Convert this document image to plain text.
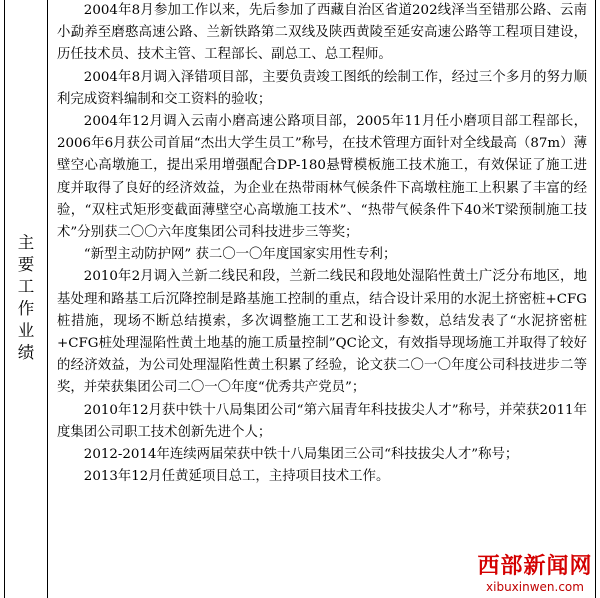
主
要
工
作
业
绩

2004年8月参加工作以来，先后参加了西藏自治区省道202线泽当至错那公路、云南小勐养至磨憨高速公路、兰新铁路第二双线及陕西黄陵至延安高速公路等工程项目建设，历任技术员、技术主管、工程部长、副总工、总工程师。

2004年8月调入泽错项目部，主要负责竣工图纸的绘制工作，经过三个多月的努力顺利完成资料编制和交工资料的验收；

2004年12月调入云南小磨高速公路项目部，2005年11月任小磨项目部工程部长，2006年6月获公司首届“杰出大学生员工”称号，在技术管理方面针对全线最高（87m）薄壁空心高墩施工，提出采用增强配合DP-180悬臂模板施工技术施工，有效保证了施工进度并取得了良好的经济效益，为企业在热带雨林气候条件下高墩柱施工上积累了丰富的经验，“双柱式矩形变截面薄壁空心高墩施工技术”、“热带气候条件下40米T梁预制施工技术”分别获二〇〇六年度集团公司科技进步三等奖；

“新型主动防护网” 获二〇一〇年度国家实用性专利；

2010年2月调入兰新二线民和段，兰新二线民和段地处湿陷性黄土广泛分布地区，地基处理和路基工后沉降控制是路基施工控制的重点，结合设计采用的水泥土挤密桩+CFG桩措施，现场不断总结摸索，多次调整施工工艺和设计参数，总结发表了“水泥挤密桩+CFG桩处理湿陷性黄土地基的施工质量控制”QC论文，有效指导现场施工并取得了较好的经济效益，为公司处理湿陷性黄土积累了经验，论文获二〇一〇年度公司科技进步二等奖，并荣获集团公司二〇一〇年度“优秀共产党员”；

2010年12月获中铁十八局集团公司“第六届青年科技拔尖人才”称号，并荣获2011年度集团公司职工技术创新先进个人；

2012-2014年连续两届荣获中铁十八局集团三公司“科技拔尖人才”称号；

2013年12月任黄延项目总工，主持项目技术工作。

西部新闻网
xibuxinwen.com
